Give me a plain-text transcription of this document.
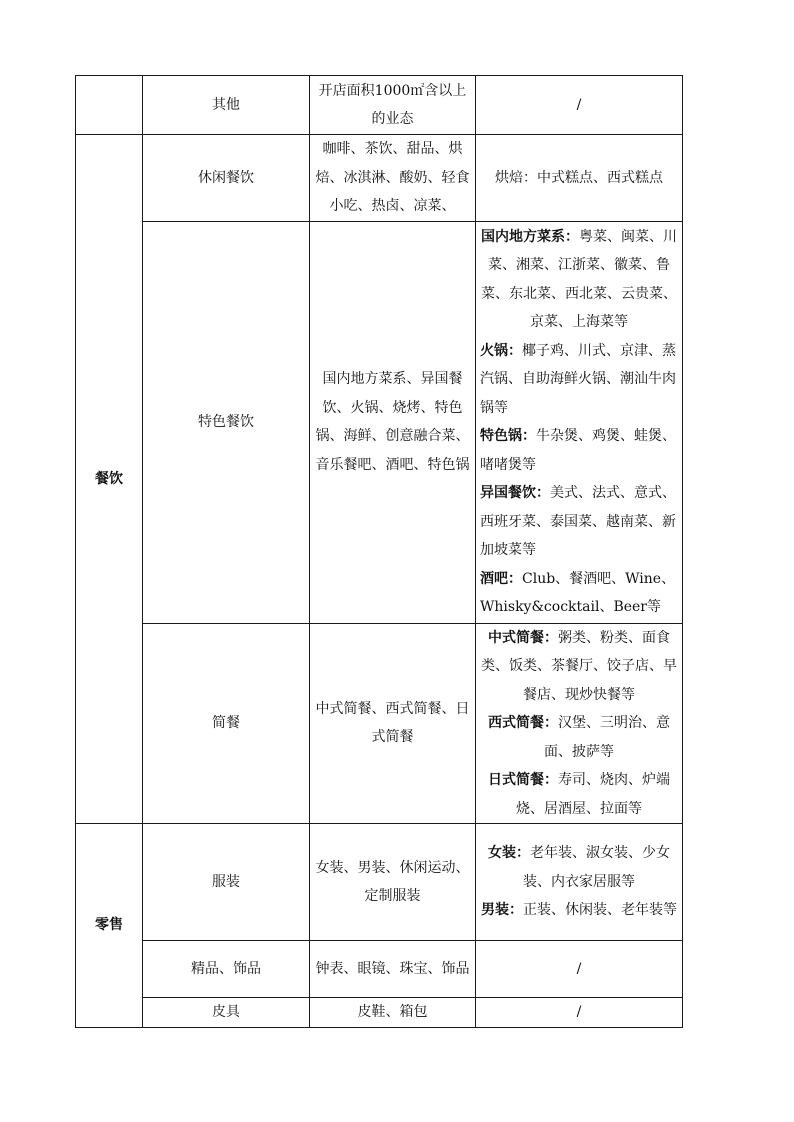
	其他	开店面积1000㎡含以上的业态	/
餐饮	休闲餐饮	咖啡、茶饮、甜品、烘焙、冰淇淋、酸奶、轻食小吃、热卤、凉菜、	烘焙：中式糕点、西式糕点
	特色餐饮	国内地方菜系、异国餐饮、火锅、烧烤、特色锅、海鲜、创意融合菜、音乐餐吧、酒吧、特色锅	国内地方菜系：粤菜、闽菜、川菜、湘菜、江浙菜、徽菜、鲁菜、东北菜、西北菜、云贵菜、京菜、上海菜等
火锅：椰子鸡、川式、京津、蒸汽锅、自助海鲜火锅、潮汕牛肉锅等
特色锅：牛杂煲、鸡煲、蛙煲、啫啫煲等
异国餐饮：美式、法式、意式、西班牙菜、泰国菜、越南菜、新加坡菜等
酒吧：Club、餐酒吧、Wine、Whisky&cocktail、Beer等

	简餐	中式简餐、西式简餐、日式简餐	中式简餐：粥类、粉类、面食类、饭类、茶餐厅、饺子店、早餐店、现炒快餐等
西式简餐：汉堡、三明治、意面、披萨等
日式简餐：寿司、烧肉、炉端烧、居酒屋、拉面等

零售	服装	女装、男装、休闲运动、定制服装	女装：老年装、淑女装、少女装、内衣家居服等
男装：正装、休闲装、老年装等

	精品、饰品	钟表、眼镜、珠宝、饰品	/
	皮具	皮鞋、箱包	/
